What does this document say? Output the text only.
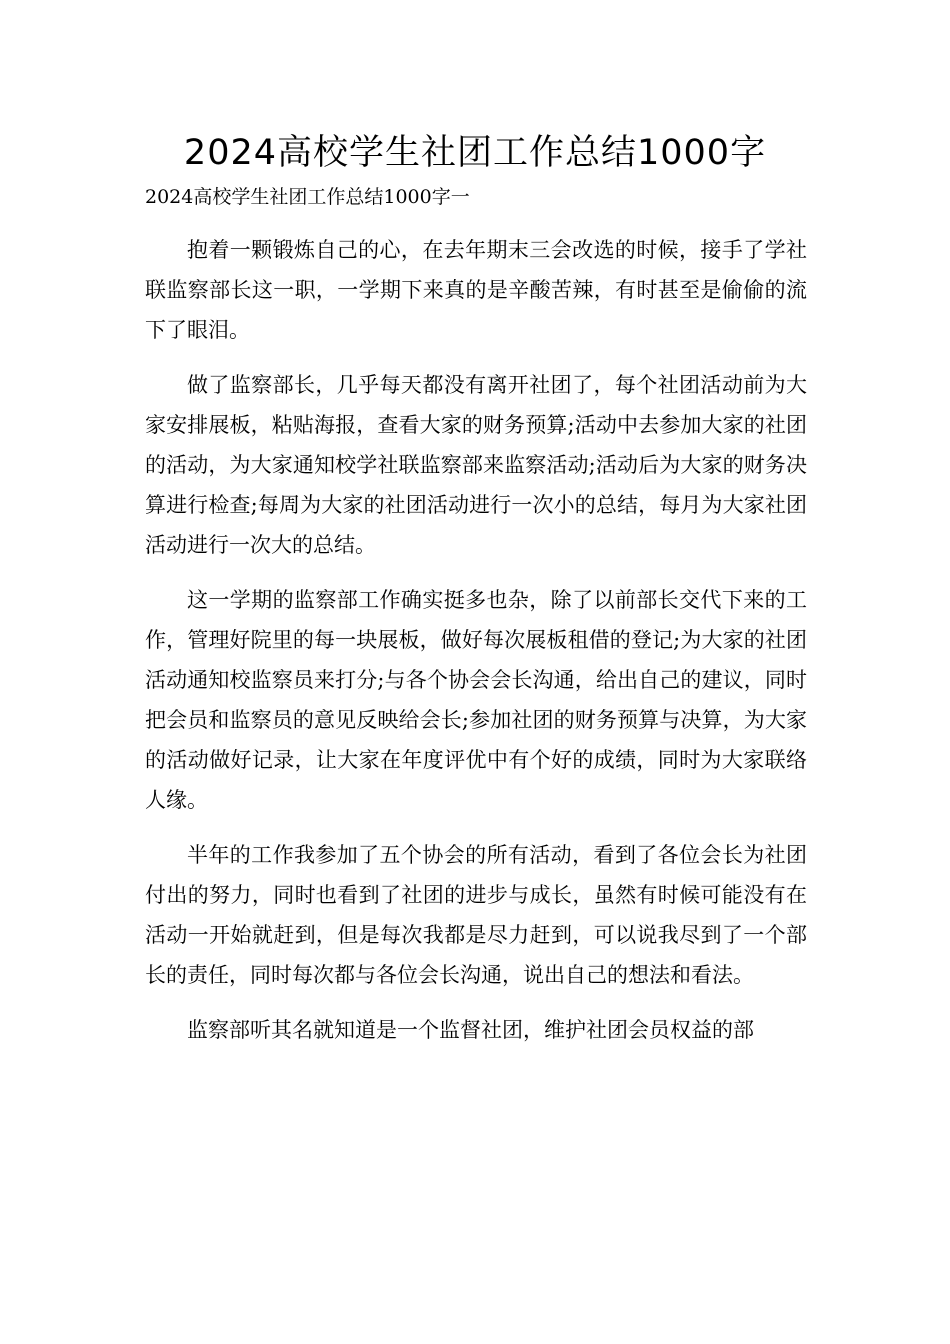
2024高校学生社团工作总结1000字
2024高校学生社团工作总结1000字一

抱着一颗锻炼自己的心，在去年期末三会改选的时候，接手了学社联监察部长这一职，一学期下来真的是辛酸苦辣，有时甚至是偷偷的流下了眼泪。

做了监察部长，几乎每天都没有离开社团了，每个社团活动前为大家安排展板，粘贴海报，查看大家的财务预算;活动中去参加大家的社团的活动，为大家通知校学社联监察部来监察活动;活动后为大家的财务决算进行检查;每周为大家的社团活动进行一次小的总结，每月为大家社团活动进行一次大的总结。

这一学期的监察部工作确实挺多也杂，除了以前部长交代下来的工作，管理好院里的每一块展板，做好每次展板租借的登记;为大家的社团活动通知校监察员来打分;与各个协会会长沟通，给出自己的建议，同时把会员和监察员的意见反映给会长;参加社团的财务预算与决算，为大家的活动做好记录，让大家在年度评优中有个好的成绩，同时为大家联络人缘。

半年的工作我参加了五个协会的所有活动，看到了各位会长为社团付出的努力，同时也看到了社团的进步与成长，虽然有时候可能没有在活动一开始就赶到，但是每次我都是尽力赶到，可以说我尽到了一个部长的责任，同时每次都与各位会长沟通，说出自己的想法和看法。

监察部听其名就知道是一个监督社团，维护社团会员权益的部
